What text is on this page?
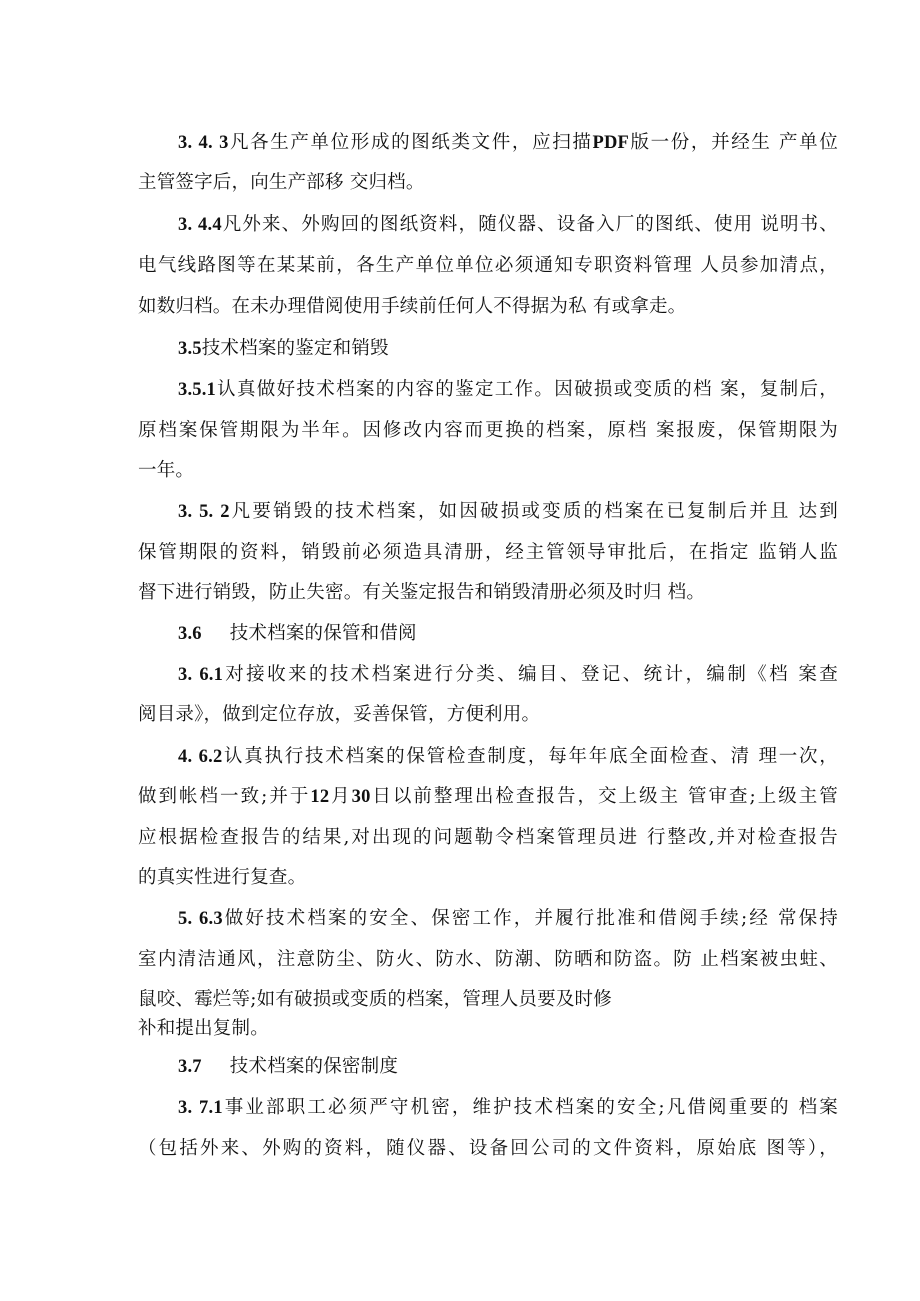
3. 4. 3凡各生产单位形成的图纸类文件，应扫描PDF版一份，并经生 产单位
主管签字后，向生产部移 交归档。
3. 4.4凡外来、外购回的图纸资料，随仪器、设备入厂的图纸、使用 说明书、
电气线路图等在某某前，各生产单位单位必须通知专职资料管理 人员参加清点，
如数归档。在未办理借阅使用手续前任何人不得据为私 有或拿走。
3.5技术档案的鉴定和销毁
3.5.1认真做好技术档案的内容的鉴定工作。因破损或变质的档 案，复制后，
原档案保管期限为半年。因修改内容而更换的档案，原档 案报废，保管期限为
一年。
3. 5. 2凡要销毁的技术档案，如因破损或变质的档案在已复制后并且 达到
保管期限的资料，销毁前必须造具清册，经主管领导审批后，在指定 监销人监
督下进行销毁，防止失密。有关鉴定报告和销毁清册必须及时归 档。
3.6 技术档案的保管和借阅
3. 6.1对接收来的技术档案进行分类、编目、登记、统计，编制《档 案查
阅目录》，做到定位存放，妥善保管，方便利用。
4. 6.2认真执行技术档案的保管检查制度，每年年底全面检查、清 理一次，
做到帐档一致;并于12月30日以前整理出检查报告，交上级主 管审查;上级主管
应根据检查报告的结果,对出现的问题勒令档案管理员进 行整改,并对检查报告
的真实性进行复查。
5. 6.3做好技术档案的安全、保密工作，并履行批准和借阅手续;经 常保持
室内清洁通风，注意防尘、防火、防水、防潮、防晒和防盗。防 止档案被虫蛀、
鼠咬、霉烂等;如有破损或变质的档案，管理人员要及时修
补和提出复制。
3.7 技术档案的保密制度
3. 7.1事业部职工必须严守机密，维护技术档案的安全;凡借阅重要的 档案
（包括外来、外购的资料，随仪器、设备回公司的文件资料，原始底 图等），
